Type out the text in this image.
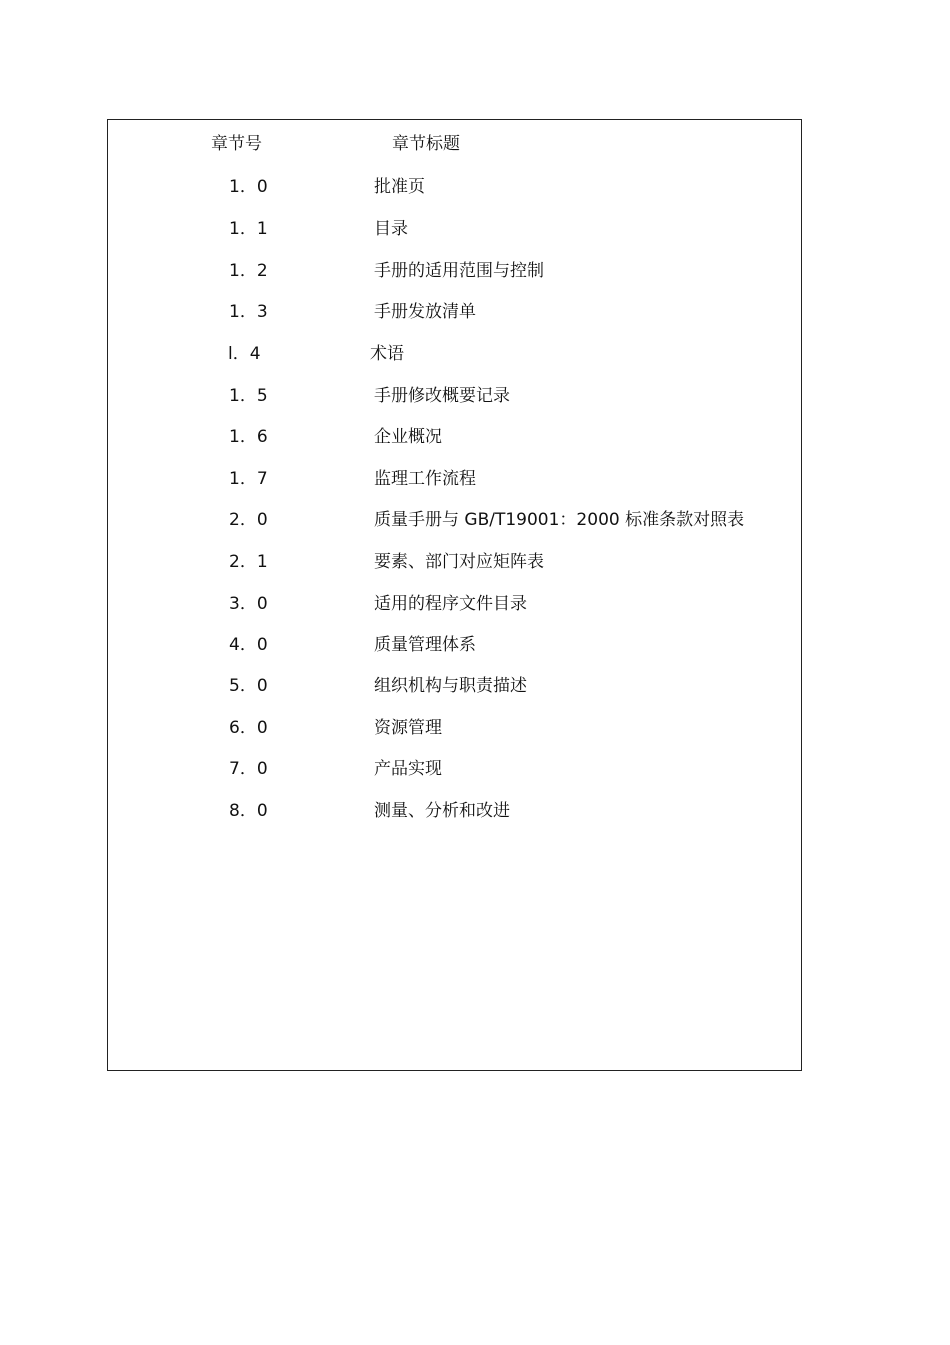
章节号	章节标题
1．0	批准页
1．1	目录
1．2	手册的适用范围与控制
1．3	手册发放清单
l．4	术语
1．5	手册修改概要记录
1．6	企业概况
1．7	监理工作流程
2．0	质量手册与 GB/T19001：2000 标准条款对照表
2．1	要素、部门对应矩阵表
3．0	适用的程序文件目录
4．0	质量管理体系
5．0	组织机构与职责描述
6．0	资源管理
7．0	产品实现
8．0	测量、分析和改进
